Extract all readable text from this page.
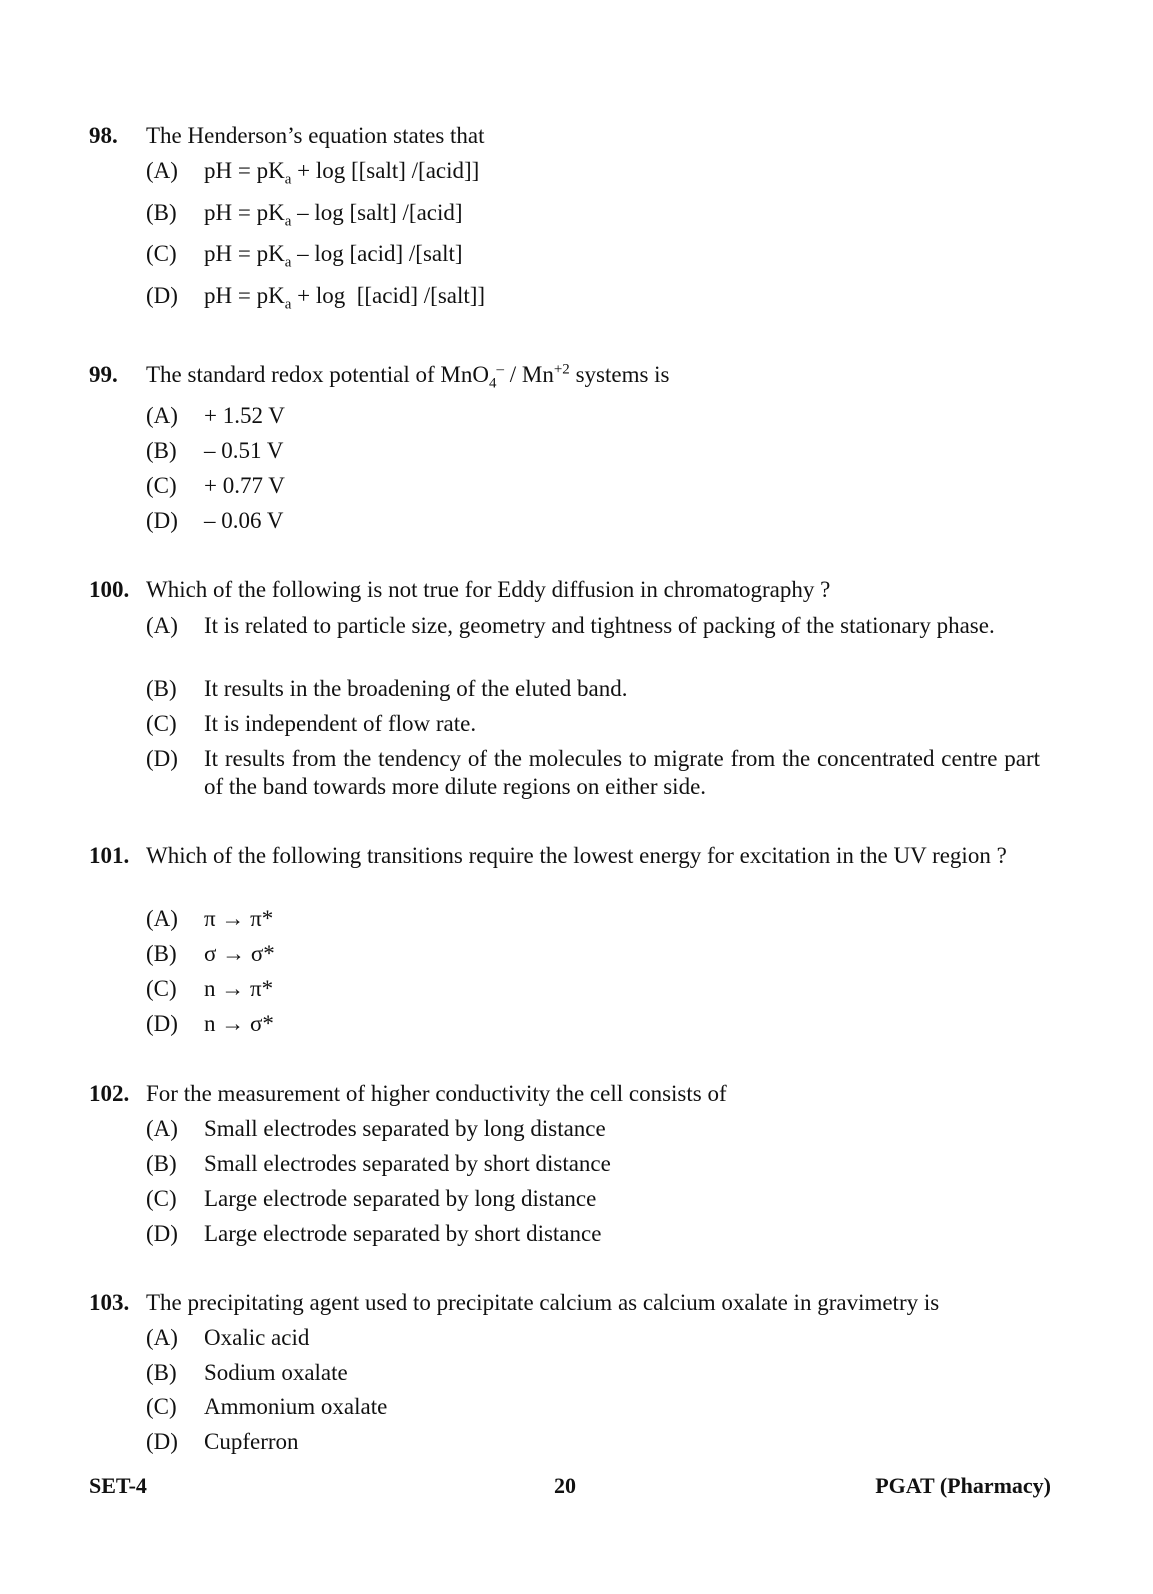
98. The Henderson’s equation states that
(A) pH = $pK_a + \log$ [[salt] /[acid]]
(B) pH = $pK_a$ – log [salt] /[acid]
(C) pH = $pK_a$ – log [acid] /[salt]
(D) pH = $pK_a + \log$  [[acid] /[salt]]
99. The standard redox potential of $MnO_4^- / Mn^{+2}$ systems is
(A) + 1.52 V
(B) – 0.51 V
(C) + 0.77 V
(D) – 0.06 V
100. Which of the following is not true for Eddy diffusion in chromatography ?
(A) It is related to particle size, geometry and tightness of packing of the stationary phase.
(B) It results in the broadening of the eluted band.
(C) It is independent of flow rate.
(D) It results from the tendency of the molecules to migrate from the concentrated centre part of the band towards more dilute regions on either side.
101. Which of the following transitions require the lowest energy for excitation in the UV region ?
(A) π → π*
(B) σ → σ*
(C) n → π*
(D) n → σ*
102. For the measurement of higher conductivity the cell consists of
(A) Small electrodes separated by long distance
(B) Small electrodes separated by short distance
(C) Large electrode separated by long distance
(D) Large electrode separated by short distance
103. The precipitating agent used to precipitate calcium as calcium oxalate in gravimetry is
(A) Oxalic acid
(B) Sodium oxalate
(C) Ammonium oxalate
(D) Cupferron
SET-4	20	PGAT (Pharmacy)
